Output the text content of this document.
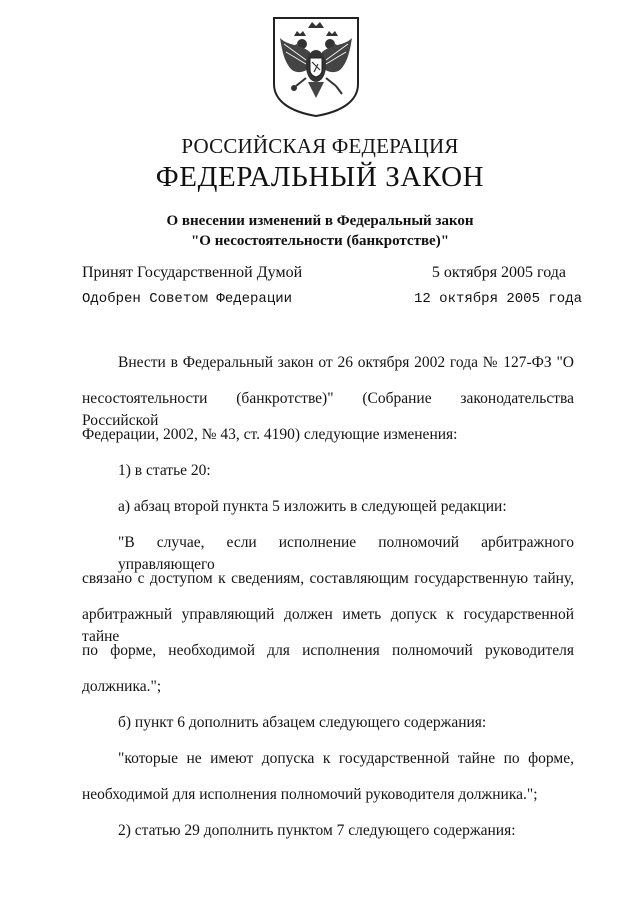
РОССИЙСКАЯ ФЕДЕРАЦИЯ
ФЕДЕРАЛЬНЫЙ ЗАКОН
О внесении изменений в Федеральный закон
"О несостоятельности (банкротстве)"
Принят Государственной Думой	5 октября 2005 года
Одобрен Советом Федерации	12 октября 2005 года
Внести в Федеральный закон от 26 октября 2002 года № 127-ФЗ "О
несостоятельности (банкротстве)" (Собрание законодательства Российской
Федерации, 2002, № 43, ст. 4190) следующие изменения:
1) в статье 20:
а) абзац второй пункта 5 изложить в следующей редакции:
"В случае, если исполнение полномочий арбитражного управляющего
связано с доступом к сведениям, составляющим государственную тайну,
арбитражный управляющий должен иметь допуск к государственной тайне
по форме, необходимой для исполнения полномочий руководителя
должника.";
б) пункт 6 дополнить абзацем следующего содержания:
"которые не имеют допуска к государственной тайне по форме,
необходимой для исполнения полномочий руководителя должника.";
2) статью 29 дополнить пунктом 7 следующего содержания:
